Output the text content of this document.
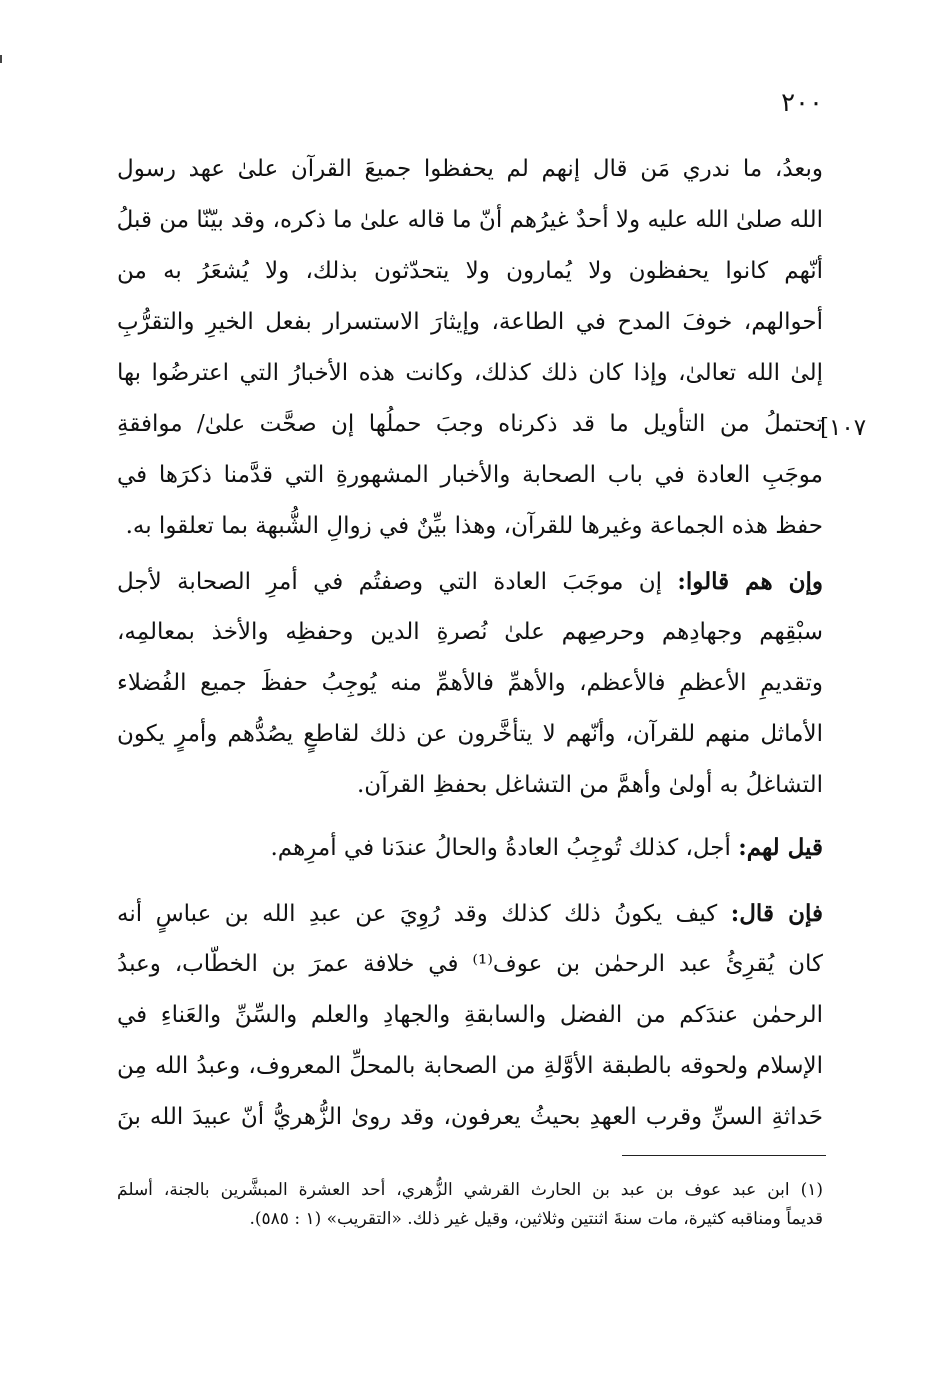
٢٠٠
[١٠٧
وبعدُ، ما ندري مَن قال إنهم لم يحفظوا جميعَ القرآن علىٰ عهد رسول
الله صلىٰ الله عليه ولا أحدٌ غيرُهم أنّ ما قاله علىٰ ما ذكره، وقد بيّنّا من قبلُ
أنّهم كانوا يحفظون ولا يُمارون ولا يتحدّثون بذلك، ولا يُشعَرُ به من
أحوالهم، خوفَ المدح في الطاعة، وإيثارَ الاستسرار بفعل الخيرِ والتقرُّبِ
إلىٰ الله تعالىٰ، وإذا كان ذلك كذلك، وكانت هذه الأخبارُ التي اعترضُوا بها
تحتملُ من التأويل ما قد ذكرناه وجبَ حملُها إن صحَّت علىٰ/ موافقةِ
موجَبِ العادة في باب الصحابة والأخبار المشهورةِ التي قدَّمنا ذكرَها في
حفظ هذه الجماعة وغيرها للقرآن، وهذا بيِّنٌ في زوالِ الشُّبهة بما تعلقوا به.
وإن هم قالوا: إن موجَبَ العادة التي وصفتُم في أمرِ الصحابة لأجل
سبْقِهم وجهادِهم وحرصِهم علىٰ نُصرةِ الدين وحفظِه والأخذ بمعالمِه،
وتقديمِ الأعظمِ فالأعظم، والأهمِّ فالأهمِّ منه يُوجِبُ حفظَ جميع الفُضلاء
الأماثل منهم للقرآن، وأنّهم لا يتأخَّرون عن ذلك لقاطعٍ يصُدُّهم وأمرٍ يكون
التشاغلُ به أولىٰ وأهمَّ من التشاغل بحفظِ القرآن.
قيل لهم: أجل، كذلك تُوجِبُ العادةُ والحالُ عندَنا في أمرِهم.
فإن قال: كيف يكونُ ذلك كذلك وقد رُوِيَ عن عبدِ الله بن عباسٍ أنه
كان يُقرِئُ عبد الرحمٰن بن عوف⁽¹⁾ في خلافة عمرَ بن الخطّاب، وعبدُ
الرحمٰن عندَكم من الفضل والسابقةِ والجهادِ والعلم والسِّنِّ والعَناءِ في
الإسلام ولحوقه بالطبقة الأوَّلةِ من الصحابة بالمحلِّ المعروف، وعبدُ الله مِن
حَداثةِ السنِّ وقرب العهدِ بحيثُ يعرفون، وقد روىٰ الزُّهريُّ أنّ عبيدَ الله بنَ
(١) ابن عبد عوف بن عبد بن الحارث القرشي الزُّهري، أحد العشرة المبشَّرين بالجنة، أسلمَ
قديماً ومناقبه كثيرة، مات سنةَ اثنتين وثلاثين، وقيل غير ذلك. «التقريب» (١ : ٥٨٥).
